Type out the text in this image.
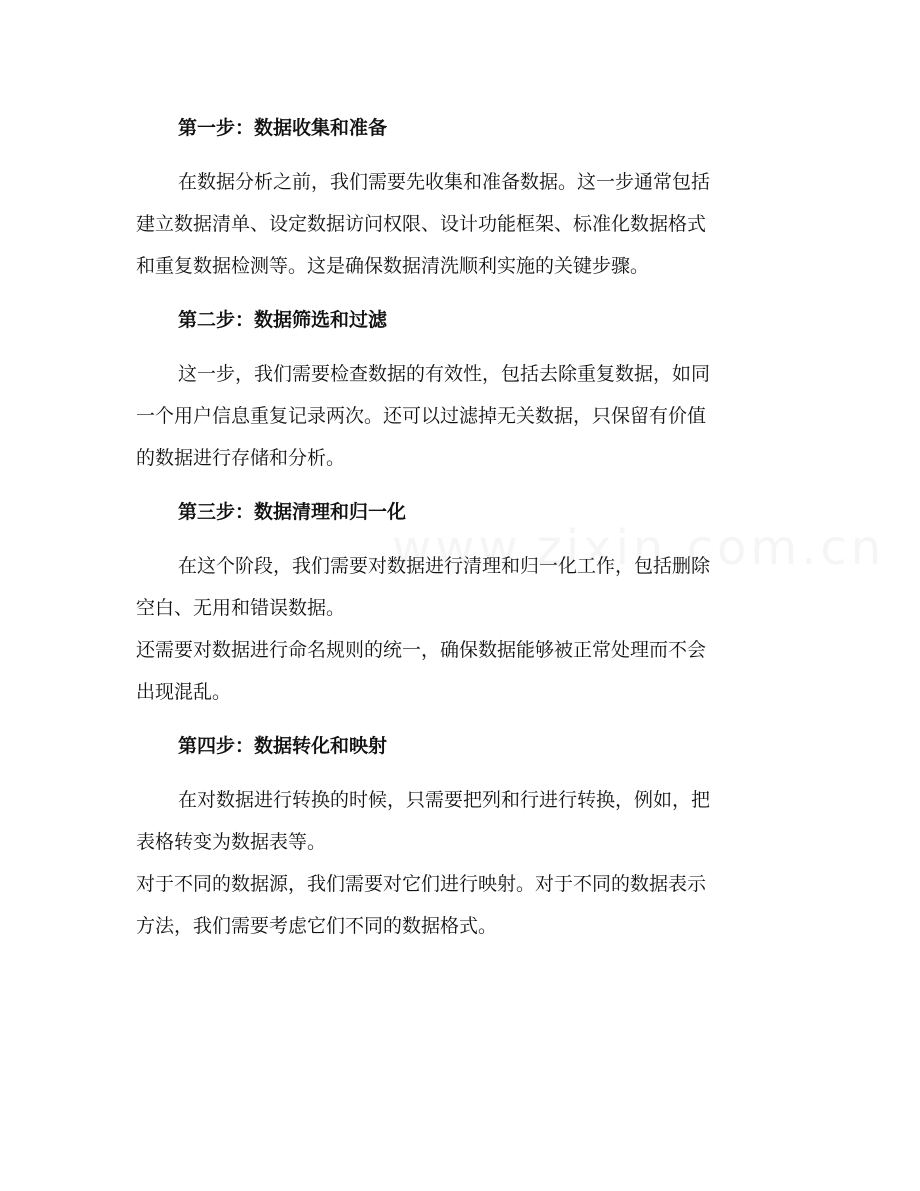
第一步：数据收集和准备
在数据分析之前，我们需要先收集和准备数据。这一步通常包括
建立数据清单、设定数据访问权限、设计功能框架、标准化数据格式
和重复数据检测等。这是确保数据清洗顺利实施的关键步骤。
第二步：数据筛选和过滤
这一步，我们需要检查数据的有效性，包括去除重复数据，如同
一个用户信息重复记录两次。还可以过滤掉无关数据，只保留有价值
的数据进行存储和分析。
第三步：数据清理和归一化
在这个阶段，我们需要对数据进行清理和归一化工作，包括删除
空白、无用和错误数据。
还需要对数据进行命名规则的统一，确保数据能够被正常处理而不会
出现混乱。
第四步：数据转化和映射
在对数据进行转换的时候，只需要把列和行进行转换，例如，把
表格转变为数据表等。
对于不同的数据源，我们需要对它们进行映射。对于不同的数据表示
方法，我们需要考虑它们不同的数据格式。
